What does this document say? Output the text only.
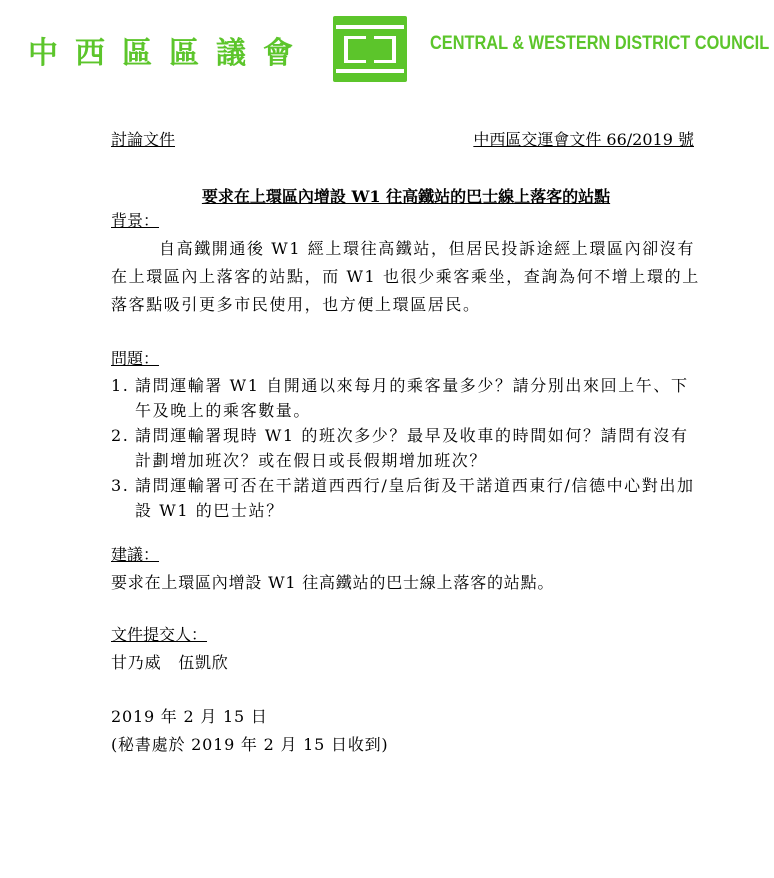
中西區區議會	CENTRAL & WESTERN DISTRICT COUNCIL
討論文件	中西區交運會文件 66/2019 號
要求在上環區內增設 W1 往高鐵站的巴士線上落客的站點
背景：
自高鐵開通後 W1 經上環往高鐵站，但居民投訴途經上環區內卻沒有在上環區內上落客的站點，而 W1 也很少乘客乘坐，查詢為何不增上環的上落客點吸引更多市民使用，也方便上環區居民。
問題：
1. 請問運輸署 W1 自開通以來每月的乘客量多少？請分別出來回上午、下午及晚上的乘客數量。
2. 請問運輸署現時 W1 的班次多少？最早及收車的時間如何？請問有沒有計劃增加班次？或在假日或長假期增加班次？
3. 請問運輸署可否在干諾道西西行/皇后街及干諾道西東行/信德中心對出加設 W1 的巴士站？
建議：
要求在上環區內增設 W1 往高鐵站的巴士線上落客的站點。
文件提交人：
甘乃威　伍凱欣
2019 年 2 月 15 日
(秘書處於 2019 年 2 月 15 日收到)
